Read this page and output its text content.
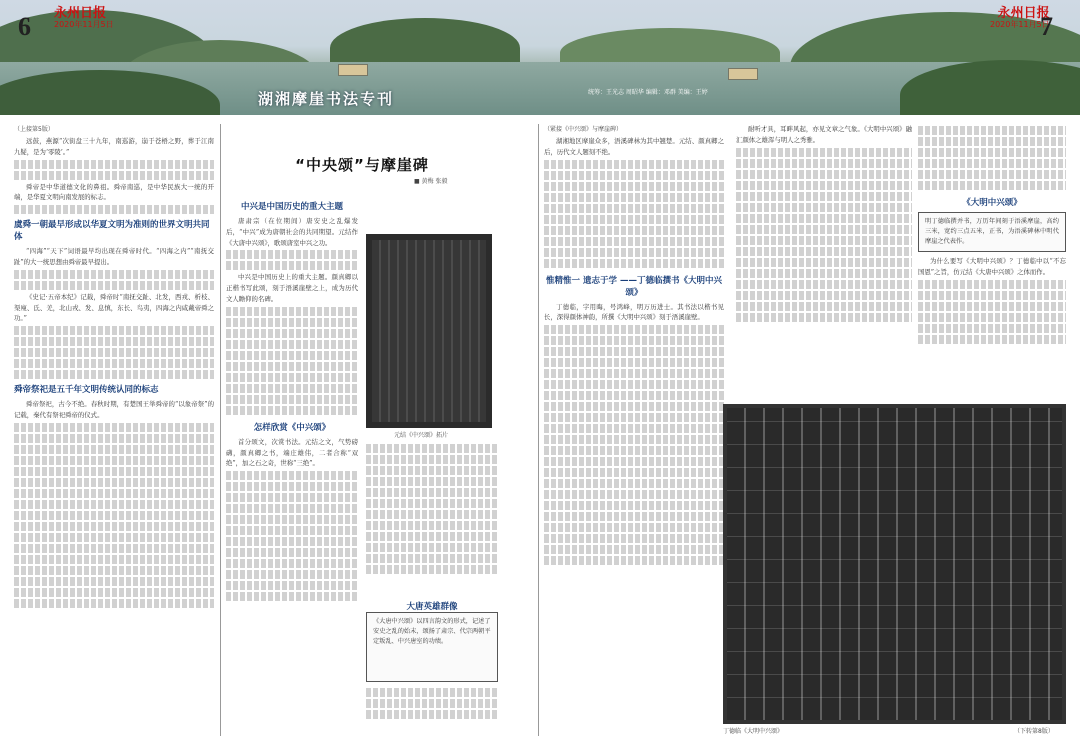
6 永州日报
2020年11月5日
永州日报
2020年11月5日
7
湖湘摩崖书法专刊	统筹：王光志 周昭华 编辑：邓群 美编：王婷
（上接第5版）

远鼓，燕源“次街盘三十九年，南巡游，崩于苍梧之野，葬于江南九疑，是为‘零陵’。”

舜帝是中华道德文化的鼻祖。舜帝南巡，是中华民族大一统的开端，是华夏文明向南发展的标志。

虞舜一朝最早形成以华夏文明为准则的世界文明共同体

“四海”“天下”词语最早均出现在舜帝时代。“四海之内”“南抚交趾”的大一统思想由舜帝最早提出。

《史记·五帝本纪》记载，舜帝时“南抚交趾、北发，西戎、析枝、渠廋、氐、羌，北山戎、发、息慎，东长、鸟夷，四海之内咸戴帝舜之功。”

舜帝祭祀是五千年文明传统认同的标志

舜帝祭祀，古今不绝。春秋时期，有楚国王举舜帝的“以象帝祭”的记载，秦代有祭祀舜帝的仪式。

“中央颂”与摩崖碑
■ 黄梅 张毅
中兴是中国历史的重大主题

唐肃宗（在位期间）唐安史之乱爆发后，“中兴”成为唐朝社会的共同期望。元结作《大唐中兴颂》，歌颂唐室中兴之功。

中兴是中国历史上的重大主题。颜真卿以正楷书写此颂，刻于浯溪崖壁之上，成为历代文人瞻仰的名碑。

怎样欣赏《中兴颂》

首分颂文，次赏书法。元结之文，气势磅礴，颜真卿之书，端庄雄伟，二者合称“双绝”，加之石之奇，世称“三绝”。

元结《中兴颂》拓片
大唐英雄群像

《大唐中兴颂》以四言韵文的形式，记述了安史之乱的始末，颂扬了肃宗、代宗两朝平定叛乱、中兴唐室的功绩。

（紧接《中兴颂》与摩崖碑）

湖湘地区摩崖众多，浯溪碑林为其中翘楚。元结、颜真卿之后，历代文人题刻不绝。

惟精惟一 遗志于学 ——丁德临撰书《大明中兴颂》

丁德临，字用晦，号鸿峰，明万历进士。其书法以楷书见长，深得颜体神韵，所撰《大明中兴颂》刻于浯溪崖壁。

耐听才具，耳畔风起，亦见文章之气象。《大明中兴颂》融汇颜体之雄浑与明人之秀雅。

《大明中兴颂》

明丁德临撰并书，万历年间刻于浯溪摩崖，高约三米，宽约三点五米，正书，为浯溪碑林中明代摩崖之代表作。

为什么要写《大明中兴颂》？丁德临中以“不忘国恩”之旨，仿元结《大唐中兴颂》之体而作。

丁德临《大明中兴颂》	（下转第8版）
